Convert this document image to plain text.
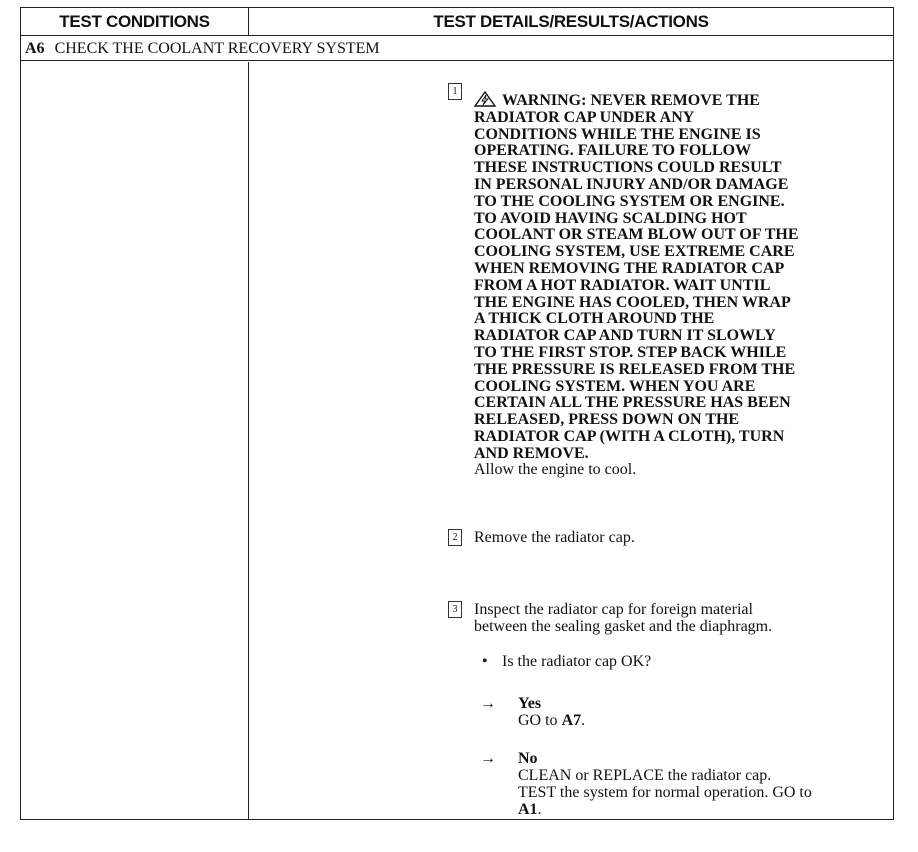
TEST CONDITIONS	TEST DETAILS/RESULTS/ACTIONS
A6 CHECK THE COOLANT RECOVERY SYSTEM
1
WARNING: NEVER REMOVE THE
RADIATOR CAP UNDER ANY
CONDITIONS WHILE THE ENGINE IS
OPERATING. FAILURE TO FOLLOW
THESE INSTRUCTIONS COULD RESULT
IN PERSONAL INJURY AND/OR DAMAGE
TO THE COOLING SYSTEM OR ENGINE.
TO AVOID HAVING SCALDING HOT
COOLANT OR STEAM BLOW OUT OF THE
COOLING SYSTEM, USE EXTREME CARE
WHEN REMOVING THE RADIATOR CAP
FROM A HOT RADIATOR. WAIT UNTIL
THE ENGINE HAS COOLED, THEN WRAP
A THICK CLOTH AROUND THE
RADIATOR CAP AND TURN IT SLOWLY
TO THE FIRST STOP. STEP BACK WHILE
THE PRESSURE IS RELEASED FROM THE
COOLING SYSTEM. WHEN YOU ARE
CERTAIN ALL THE PRESSURE HAS BEEN
RELEASED, PRESS DOWN ON THE
RADIATOR CAP (WITH A CLOTH), TURN
AND REMOVE.
Allow the engine to cool.
2 Remove the radiator cap.
3 Inspect the radiator cap for foreign material
between the sealing gasket and the diaphragm.
• Is the radiator cap OK?
→ Yes
GO to A7.
→ No
CLEAN or REPLACE the radiator cap.
TEST the system for normal operation. GO to
A1.
